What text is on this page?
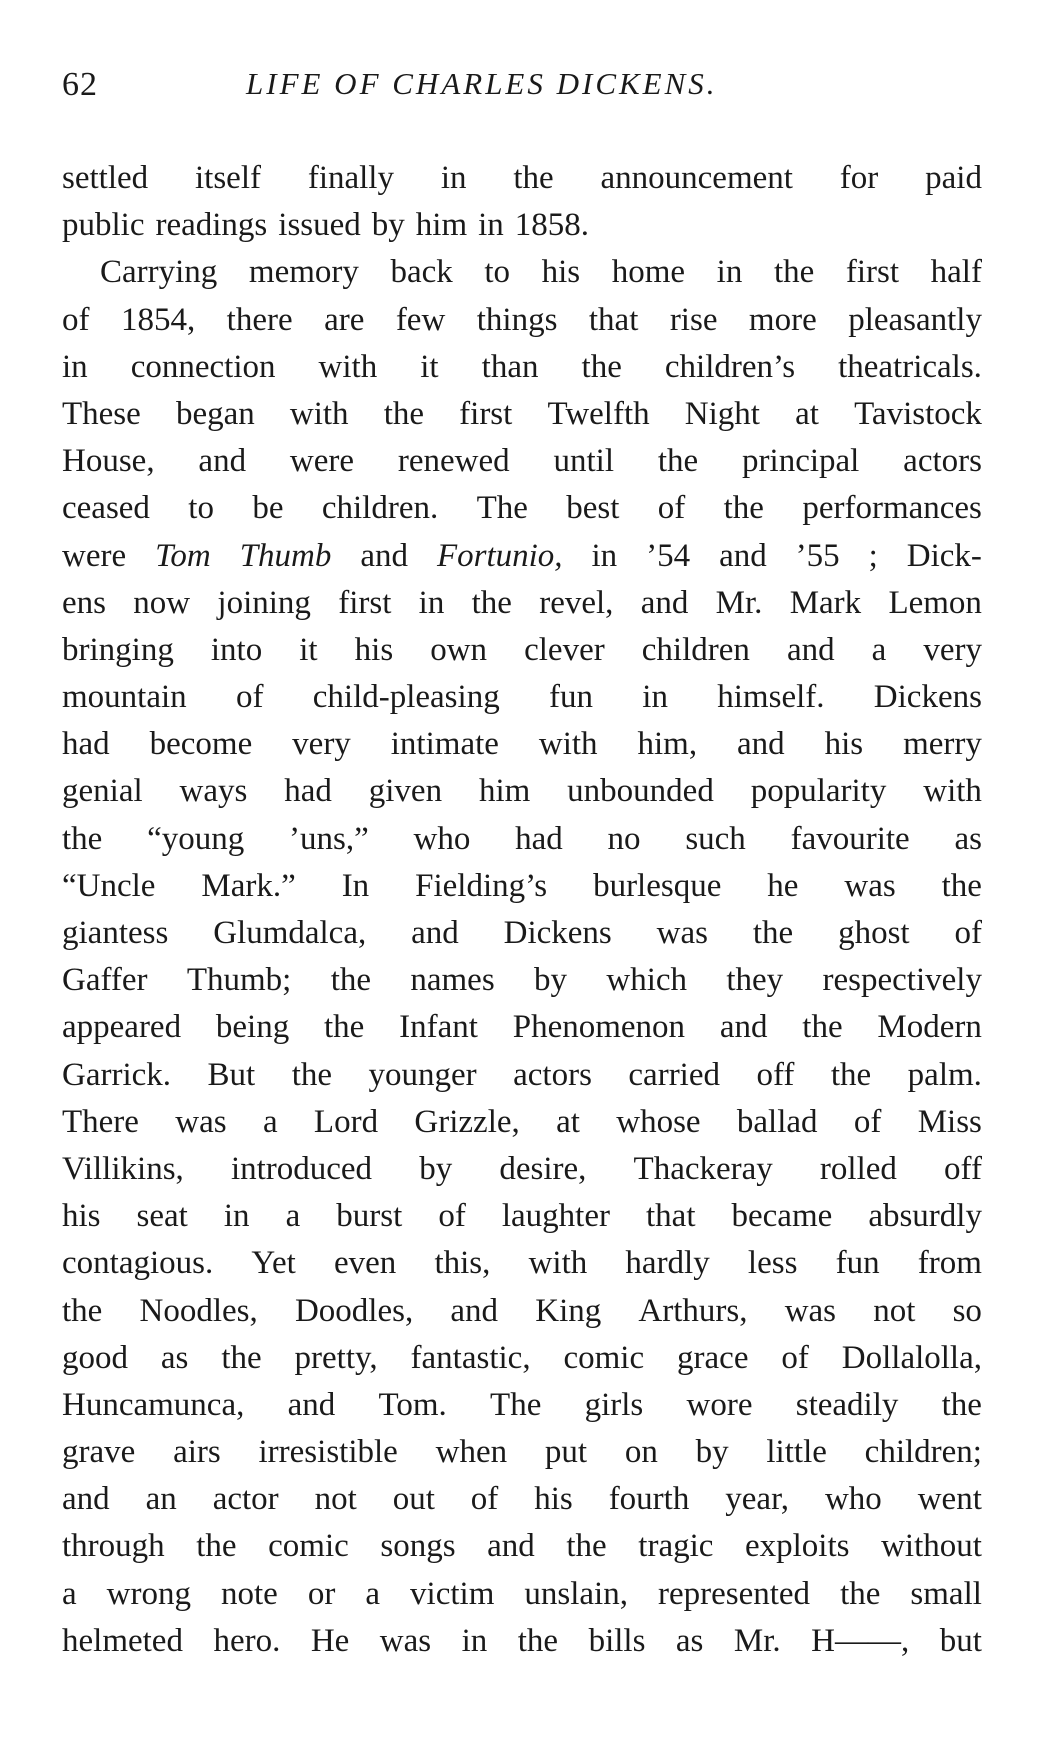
62	LIFE OF CHARLES DICKENS.
settled itself finally in the announcement for paid
public readings issued by him in 1858.
Carrying memory back to his home in the first half
of 1854, there are few things that rise more pleasantly
in connection with it than the children’s theatricals.
These began with the first Twelfth Night at Tavistock
House, and were renewed until the principal actors
ceased to be children. The best of the performances
were Tom Thumb and Fortunio, in ’54 and ’55 ; Dick-
ens now joining first in the revel, and Mr. Mark Lemon
bringing into it his own clever children and a very
mountain of child-pleasing fun in himself. Dickens
had become very intimate with him, and his merry
genial ways had given him unbounded popularity with
the “young ’uns,” who had no such favourite as
“Uncle Mark.” In Fielding’s burlesque he was the
giantess Glumdalca, and Dickens was the ghost of
Gaffer Thumb; the names by which they respectively
appeared being the Infant Phenomenon and the Modern
Garrick. But the younger actors carried off the palm.
There was a Lord Grizzle, at whose ballad of Miss
Villikins, introduced by desire, Thackeray rolled off
his seat in a burst of laughter that became absurdly
contagious. Yet even this, with hardly less fun from
the Noodles, Doodles, and King Arthurs, was not so
good as the pretty, fantastic, comic grace of Dollalolla,
Huncamunca, and Tom. The girls wore steadily the
grave airs irresistible when put on by little children;
and an actor not out of his fourth year, who went
through the comic songs and the tragic exploits without
a wrong note or a victim unslain, represented the small
helmeted hero. He was in the bills as Mr. H——, but
